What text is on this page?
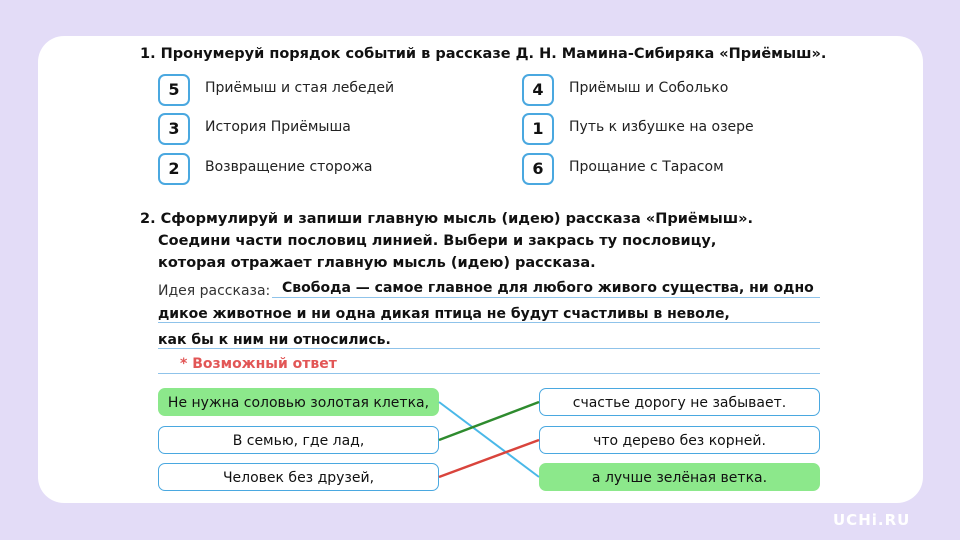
1. Пронумеруй порядок событий в рассказе Д. Н. Мамина-Сибиряка «Приёмыш».
5	Приёмыш и стая лебедей
3	История Приёмыша
2	Возвращение сторожа
4	Приёмыш и Соболько
1	Путь к избушке на озере
6	Прощание с Тарасом
2. Сформулируй и запиши главную мысль (идею) рассказа «Приёмыш».
Соедини части пословиц линией. Выбери и закрась ту пословицу,
которая отражает главную мысль (идею) рассказа.
Идея рассказа: Свобода — самое главное для любого живого существа, ни одно
дикое животное и ни одна дикая птица не будут счастливы в неволе,
как бы к ним ни относились.
* Возможный ответ
Не нужна соловью золотая клетка,
В семью, где лад,
Человек без друзей,
счастье дорогу не забывает.
что дерево без корней.
а лучше зелёная ветка.
UCHi.RU
